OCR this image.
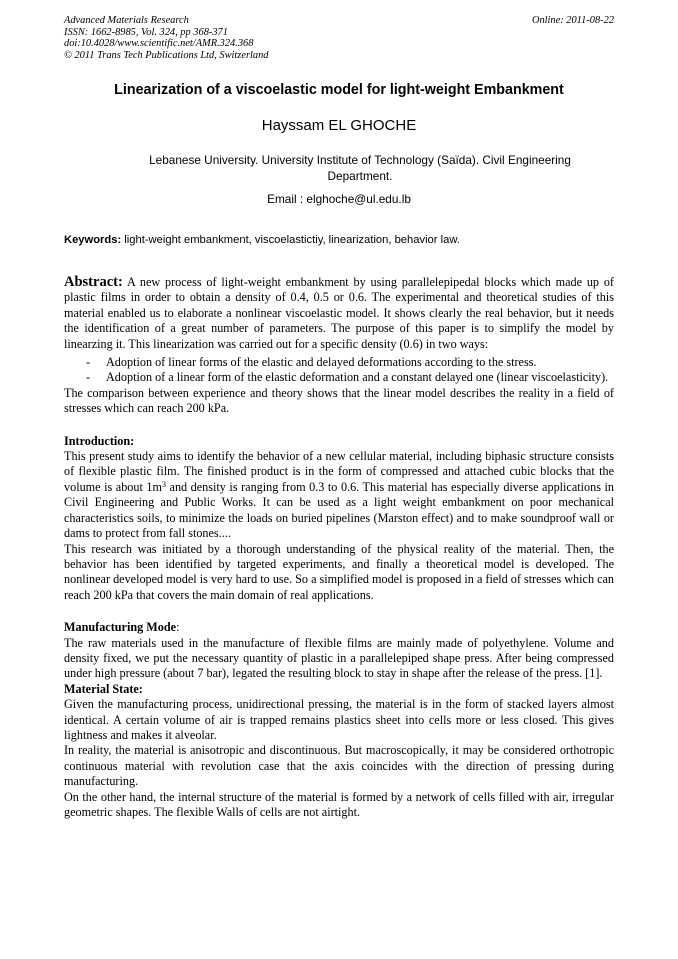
Advanced Materials Research
ISSN: 1662-8985, Vol. 324, pp 368-371
doi:10.4028/www.scientific.net/AMR.324.368
© 2011 Trans Tech Publications Ltd, Switzerland
Online: 2011-08-22
Linearization of a viscoelastic model for light-weight Embankment
Hayssam EL GHOCHE
Lebanese University. University Institute of Technology (Saïda). Civil Engineering Department.
Email : elghoche@ul.edu.lb
Keywords: light-weight embankment, viscoelastictiy, linearization, behavior law.

Abstract: A new process of light-weight embankment by using parallelepipedal blocks which made up of plastic films in order to obtain a density of 0.4, 0.5 or 0.6. The experimental and theoretical studies of this material enabled us to elaborate a nonlinear viscoelastic model. It shows clearly the real behavior, but it needs the identification of a great number of parameters. The purpose of this paper is to simplify the model by linearzing it. This linearization was carried out for a specific density (0.6) in two ways:

- Adoption of linear forms of the elastic and delayed deformations according to the stress.
- Adoption of a linear form of the elastic deformation and a constant delayed one (linear viscoelasticity).

The comparison between experience and theory shows that the linear model describes the reality in a field of stresses which can reach 200 kPa.

Introduction:

This present study aims to identify the behavior of a new cellular material, including biphasic structure consists of flexible plastic film. The finished product is in the form of compressed and attached cubic blocks that the volume is about $1m^3$ and density is ranging from 0.3 to 0.6. This material has especially diverse applications in Civil Engineering and Public Works. It can be used as a light weight embankment on poor mechanical characteristics soils, to minimize the loads on buried pipelines (Marston effect) and to make soundproof wall or dams to protect from fall stones....

This research was initiated by a thorough understanding of the physical reality of the material. Then, the behavior has been identified by targeted experiments, and finally a theoretical model is developed. The nonlinear developed model is very hard to use. So a simplified model is proposed in a field of stresses which can reach 200 kPa that covers the main domain of real applications.

Manufacturing Mode:

The raw materials used in the manufacture of flexible films are mainly made of polyethylene. Volume and density fixed, we put the necessary quantity of plastic in a parallelepiped shape press. After being compressed under high pressure (about 7 bar), legated the resulting block to stay in shape after the release of the press. [1].

Material State:

Given the manufacturing process, unidirectional pressing, the material is in the form of stacked layers almost identical. A certain volume of air is trapped remains plastics sheet into cells more or less closed. This gives lightness and makes it alveolar.

In reality, the material is anisotropic and discontinuous. But macroscopically, it may be considered orthotropic continuous material with revolution case that the axis coincides with the direction of pressing during manufacturing.

On the other hand, the internal structure of the material is formed by a network of cells filled with air, irregular geometric shapes. The flexible Walls of cells are not airtight.
